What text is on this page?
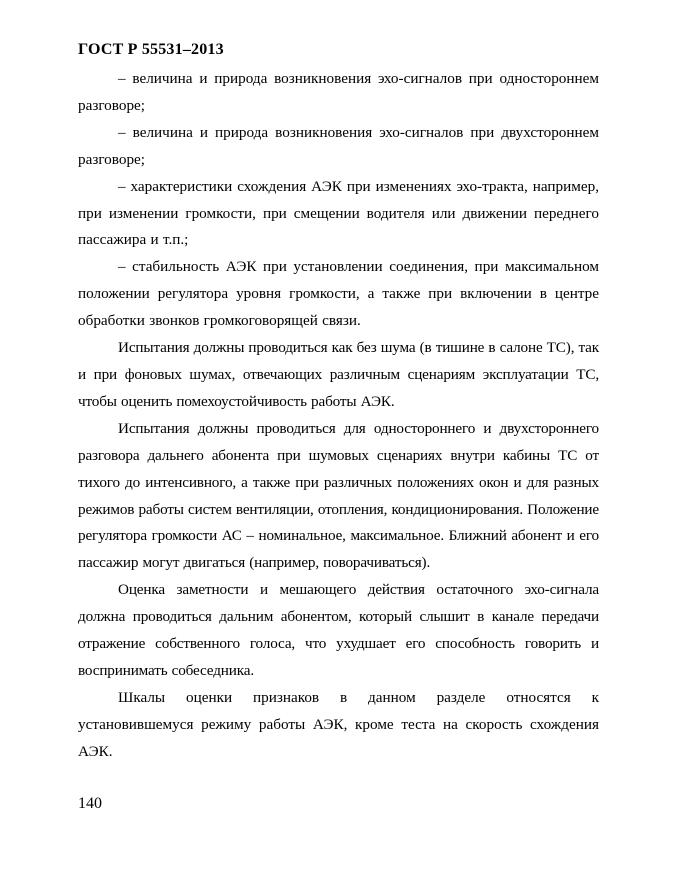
ГОСТ Р 55531–2013

– величина и природа возникновения эхо-сигналов при одностороннем разговоре;

– величина и природа возникновения эхо-сигналов при двухстороннем разговоре;

– характеристики схождения АЭК при изменениях эхо-тракта, например, при изменении громкости, при смещении водителя или движении переднего пассажира и т.п.;

– стабильность АЭК при установлении соединения, при максимальном положении регулятора уровня громкости, а также при включении в центре обработки звонков громкоговорящей связи.

Испытания должны проводиться как без шума (в тишине в салоне ТС), так и при фоновых шумах, отвечающих различным сценариям эксплуатации ТС, чтобы оценить помехоустойчивость работы АЭК.

Испытания должны проводиться для одностороннего и двухстороннего разговора дальнего абонента при шумовых сценариях внутри кабины ТС от тихого до интенсивного, а также при различных положениях окон и для разных режимов работы систем вентиляции, отопления, кондиционирования. Положение регулятора громкости АС – номинальное, максимальное. Ближний абонент и его пассажир могут двигаться (например, поворачиваться).

Оценка заметности и мешающего действия остаточного эхо-сигнала должна проводиться дальним абонентом, который слышит в канале передачи отражение собственного голоса, что ухудшает его способность говорить и воспринимать собеседника.

Шкалы оценки признаков в данном разделе относятся к установившемуся режиму работы АЭК, кроме теста на скорость схождения АЭК.

140
